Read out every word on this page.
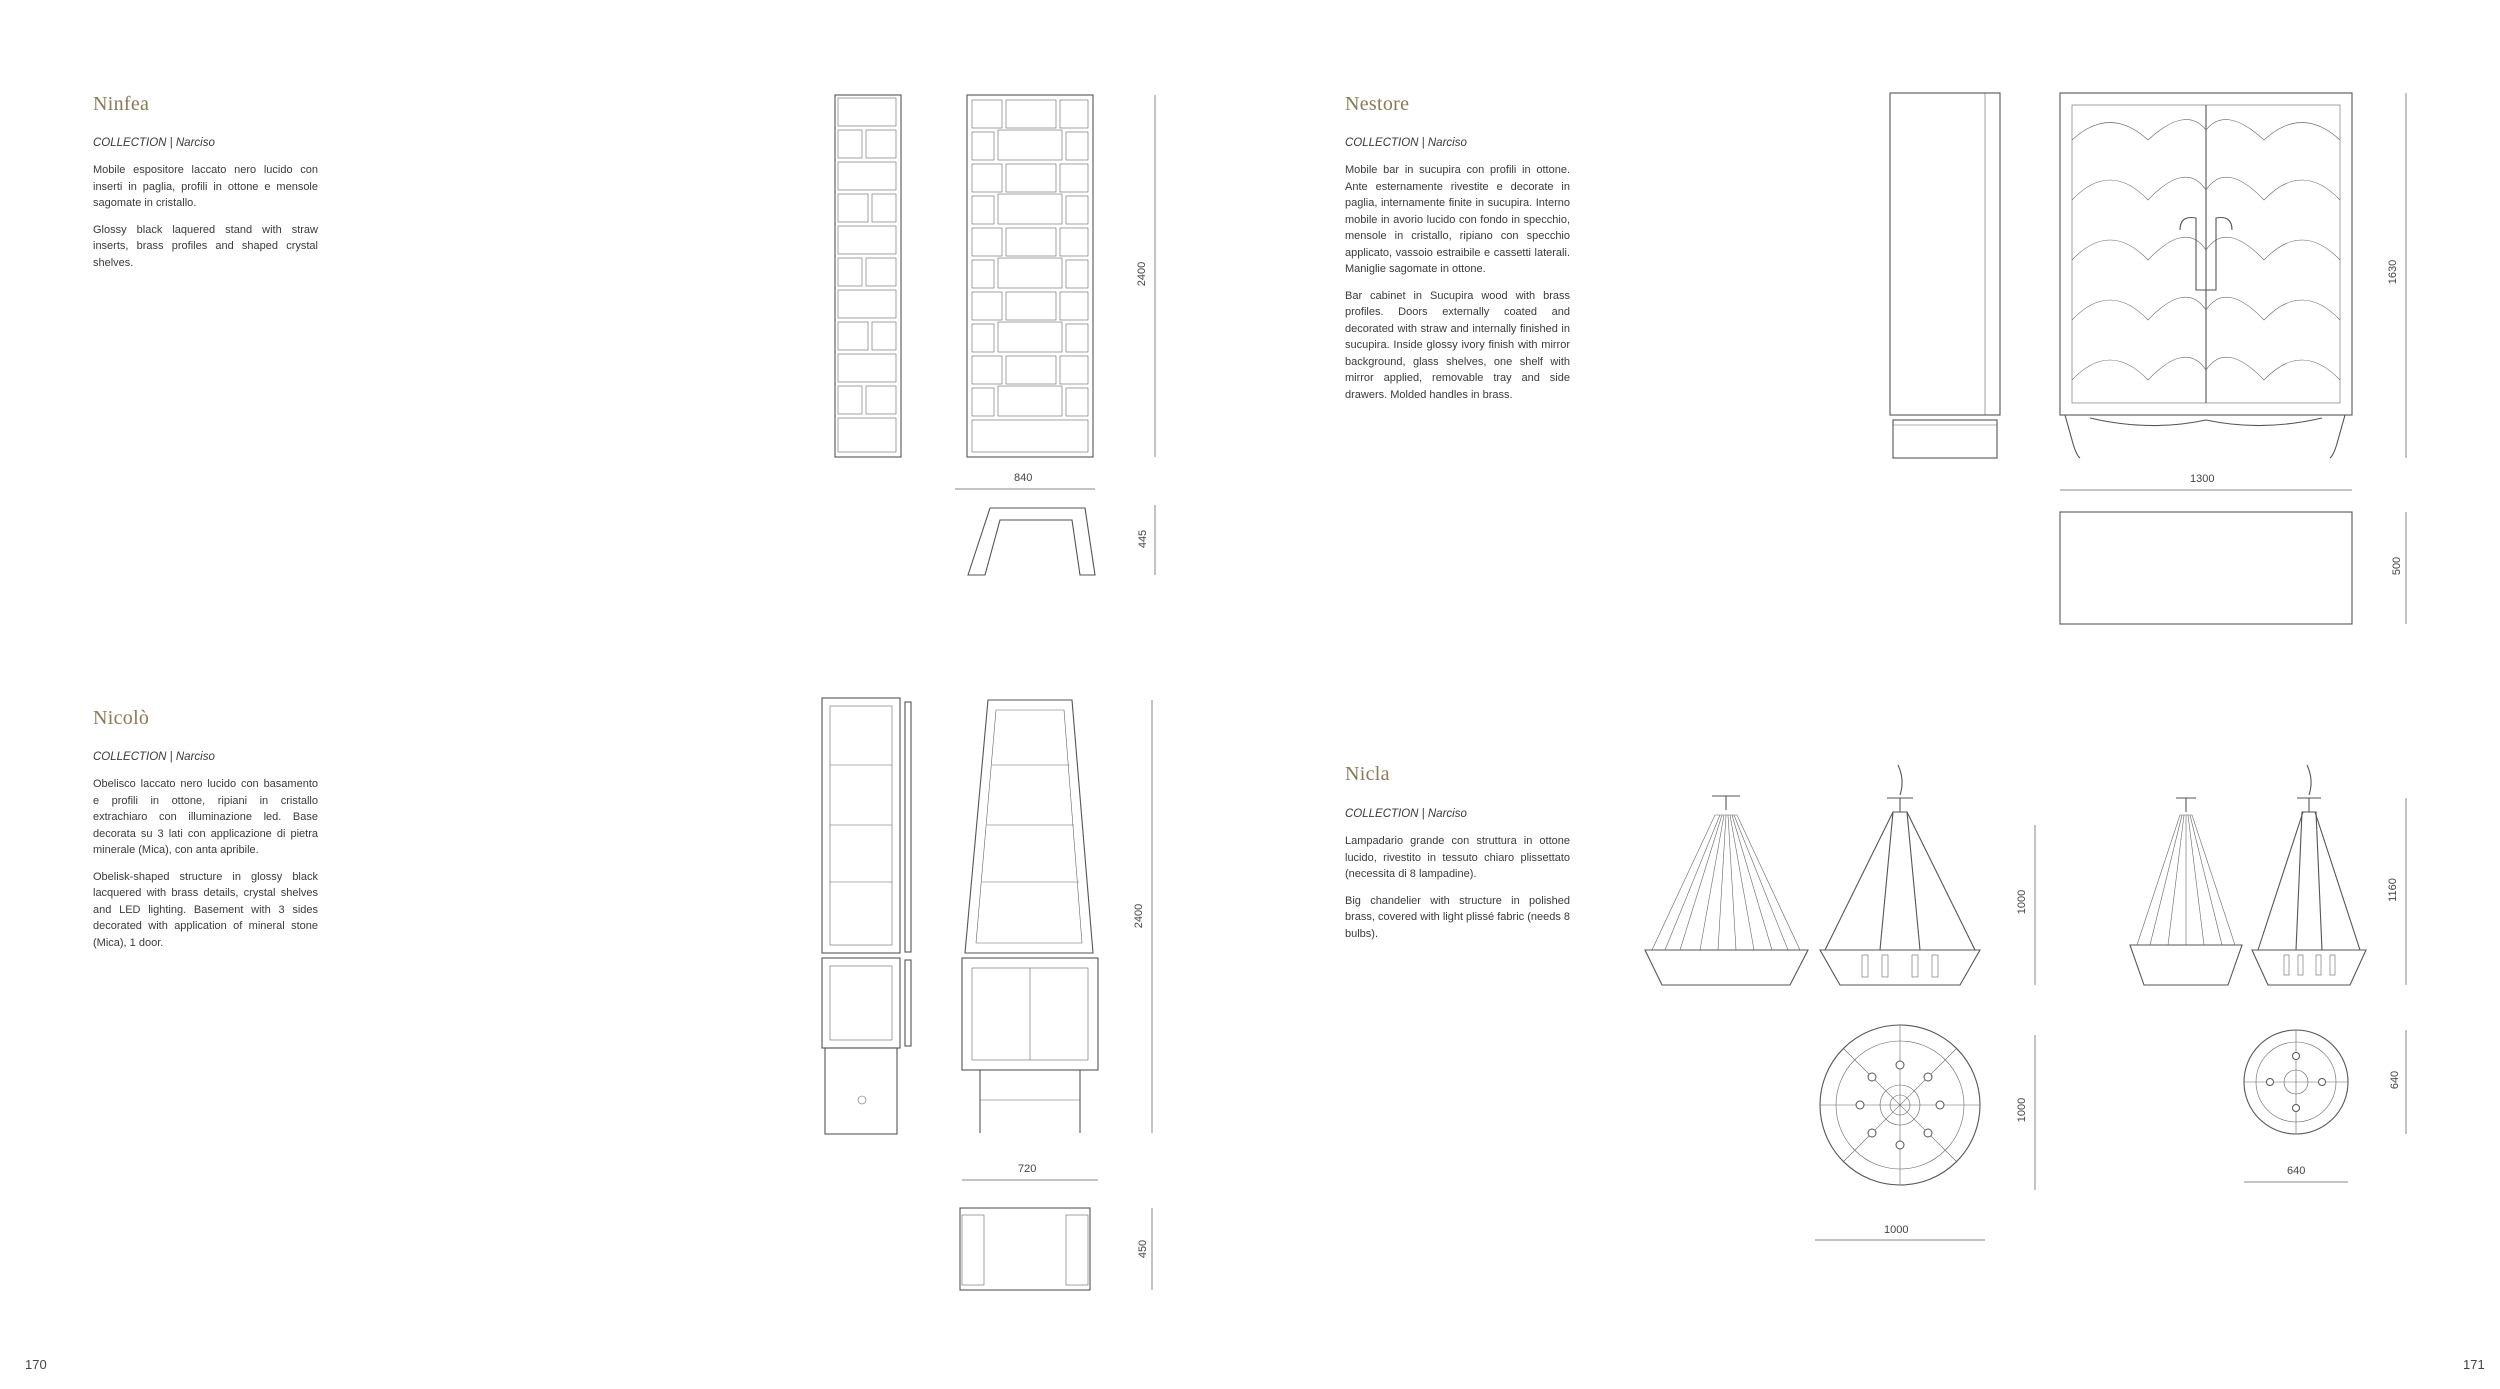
Ninfea
COLLECTION | Narciso

Mobile espositore laccato nero lucido con inserti in paglia, profili in ottone e mensole sagomate in cristallo.

Glossy black laquered stand with straw inserts, brass profiles and shaped crystal shelves.	2400
840
445
Nicolò
COLLECTION | Narciso

Obelisco laccato nero lucido con basamento e profili in ottone, ripiani in cristallo extrachiaro con illuminazione led. Base decorata su 3 lati con applicazione di pietra minerale (Mica), con anta apribile.

Obelisk-shaped structure in glossy black lacquered with brass details, crystal shelves and LED lighting. Basement with 3 sides decorated with application of mineral stone (Mica), 1 door.

2400
720
450
Nestore
COLLECTION | Narciso

Mobile bar in sucupira con profili in ottone. Ante esternamente rivestite e decorate in paglia, internamente finite in sucupira. Interno mobile in avorio lucido con fondo in specchio, mensole in cristallo, ripiano con specchio applicato, vassoio estraibile e cassetti laterali. Maniglie sagomate in ottone.

Bar cabinet in Sucupira wood with brass profiles. Doors externally coated and decorated with straw and internally finished in sucupira. Inside glossy ivory finish with mirror background, glass shelves, one shelf with mirror applied, removable tray and side drawers. Molded handles in brass.

1630
1300
500
Nicla
COLLECTION | Narciso

Lampadario grande con struttura in ottone lucido, rivestito in tessuto chiaro plissettato (necessita di 8 lampadine).

Big chandelier with structure in polished brass, covered with light plissé fabric (needs 8 bulbs).

1000
1000
1000
1160
640
640
170	171
